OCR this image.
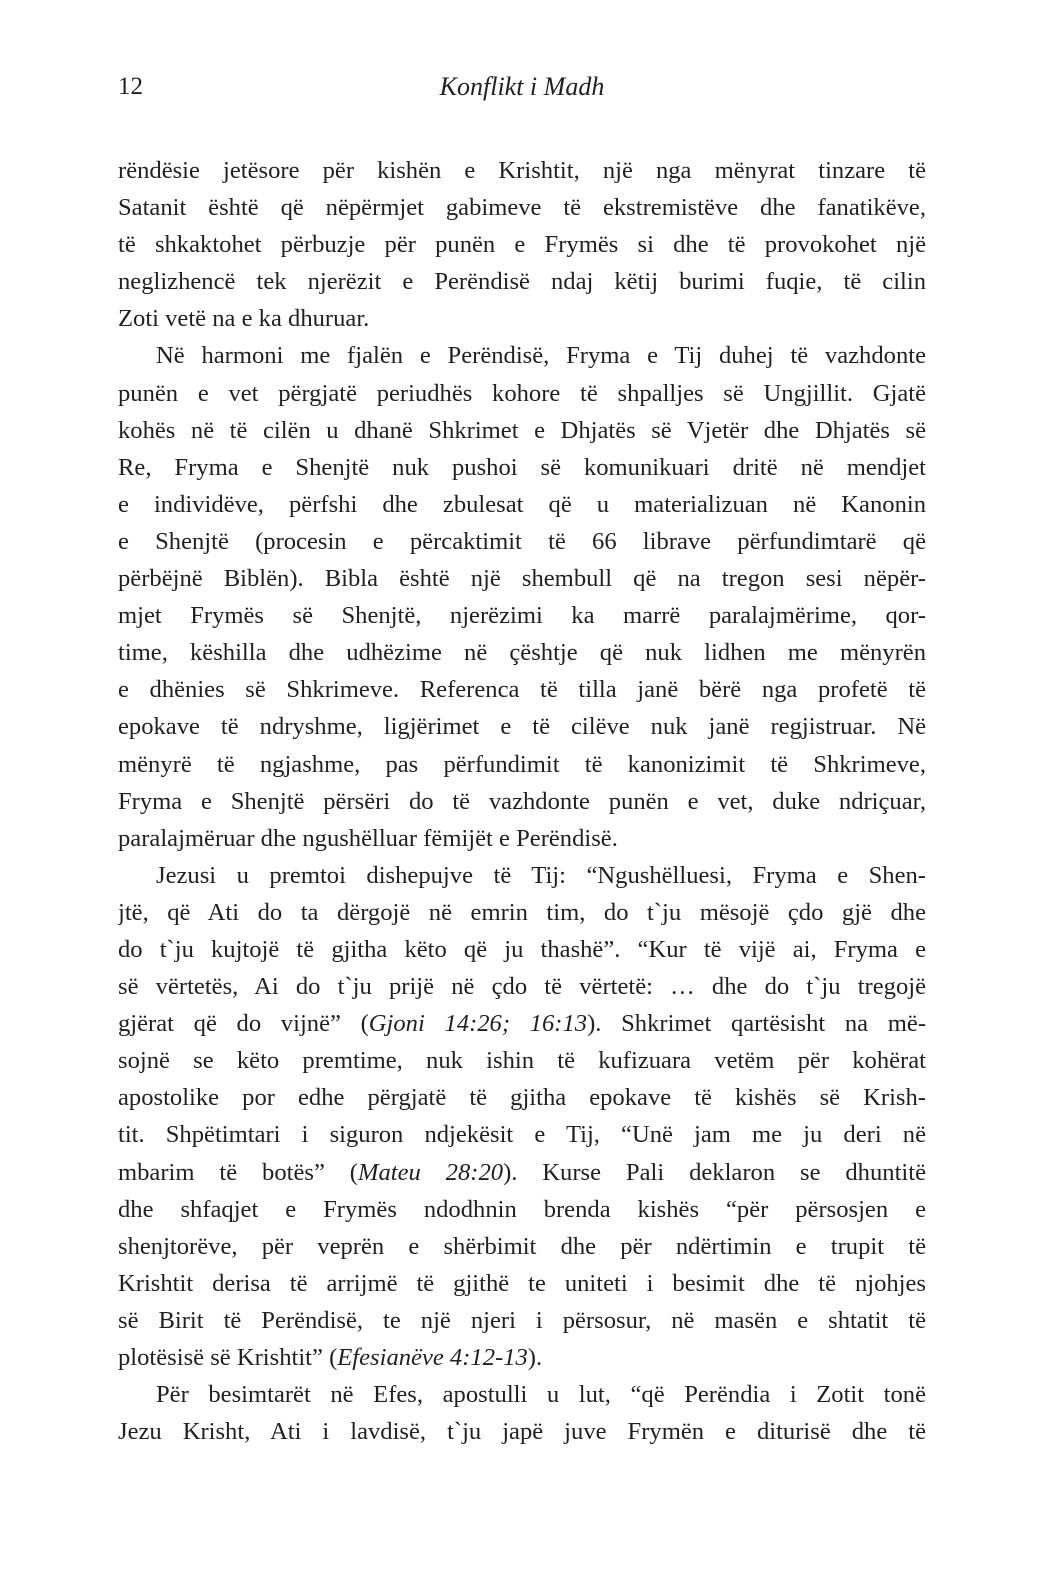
12	Konflikt i Madh
rëndësie jetësore për kishën e Krishtit, një nga mënyrat tinzare të
Satanit është që nëpërmjet gabimeve të ekstremistëve dhe fanatikëve,
të shkaktohet përbuzje për punën e Frymës si dhe të provokohet një
neglizhencë tek njerëzit e Perëndisë ndaj këtij burimi fuqie, të cilin
Zoti vetë na e ka dhuruar.
Në harmoni me fjalën e Perëndisë, Fryma e Tij duhej të vazhdonte
punën e vet përgjatë periudhës kohore të shpalljes së Ungjillit. Gjatë
kohës në të cilën u dhanë Shkrimet e Dhjatës së Vjetër dhe Dhjatës së
Re, Fryma e Shenjtë nuk pushoi së komunikuari dritë në mendjet
e individëve, përfshi dhe zbulesat që u materializuan në Kanonin
e Shenjtë (procesin e përcaktimit të 66 librave përfundimtarë që
përbëjnë Biblën). Bibla është një shembull që na tregon sesi nëpër-
mjet Frymës së Shenjtë, njerëzimi ka marrë paralajmërime, qor-
time, këshilla dhe udhëzime në çështje që nuk lidhen me mënyrën
e dhënies së Shkrimeve. Referenca të tilla janë bërë nga profetë të
epokave të ndryshme, ligjërimet e të cilëve nuk janë regjistruar. Në
mënyrë të ngjashme, pas përfundimit të kanonizimit të Shkrimeve,
Fryma e Shenjtë përsëri do të vazhdonte punën e vet, duke ndriçuar,
paralajmëruar dhe ngushëlluar fëmijët e Perëndisë.
Jezusi u premtoi dishepujve të Tij: “Ngushëlluesi, Fryma e Shen-
jtë, që Ati do ta dërgojë në emrin tim, do t`ju mësojë çdo gjë dhe
do t`ju kujtojë të gjitha këto që ju thashë”. “Kur të vijë ai, Fryma e
së vërtetës, Ai do t`ju prijë në çdo të vërtetë: … dhe do t`ju tregojë
gjërat që do vijnë” (Gjoni 14:26; 16:13). Shkrimet qartësisht na më-
sojnë se këto premtime, nuk ishin të kufizuara vetëm për kohërat
apostolike por edhe përgjatë të gjitha epokave të kishës së Krish-
tit. Shpëtimtari i siguron ndjekësit e Tij, “Unë jam me ju deri në
mbarim të botës” (Mateu 28:20). Kurse Pali deklaron se dhuntitë
dhe shfaqjet e Frymës ndodhnin brenda kishës “për përsosjen e
shenjtorëve, për veprën e shërbimit dhe për ndërtimin e trupit të
Krishtit derisa të arrijmë të gjithë te uniteti i besimit dhe të njohjes
së Birit të Perëndisë, te një njeri i përsosur, në masën e shtatit të
plotësisë së Krishtit” (Efesianëve 4:12-13).
Për besimtarët në Efes, apostulli u lut, “që Perëndia i Zotit tonë
Jezu Krisht, Ati i lavdisë, t`ju japë juve Frymën e diturisë dhe të
